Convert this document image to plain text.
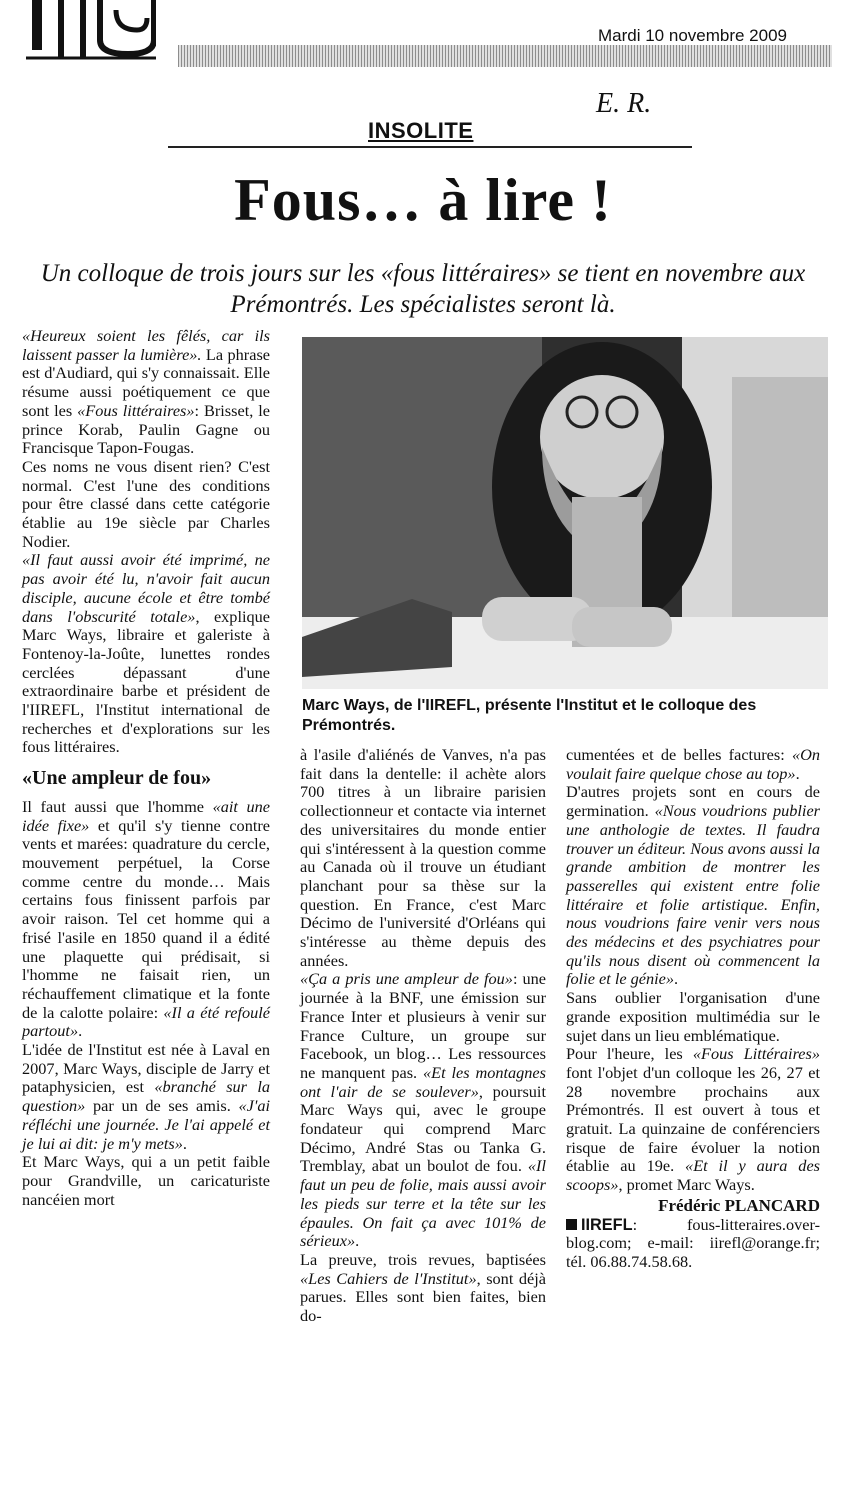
Mardi 10 novembre 2009
E. R.
INSOLITE
Fous… à lire !
Un colloque de trois jours sur les «fous littéraires» se tient en novembre aux Prémontrés. Les spécialistes seront là.
Marc Ways, de l'IIREFL, présente l'Institut et le colloque des Prémontrés.

«Heureux soient les fêlés, car ils laissent passer la lumière». La phrase est d'Audiard, qui s'y connaissait. Elle résume aussi poétiquement ce que sont les «Fous littéraires»: Brisset, le prince Korab, Paulin Gagne ou Francisque Tapon-Fougas.

Ces noms ne vous disent rien? C'est normal. C'est l'une des conditions pour être classé dans cette catégorie établie au 19e siècle par Charles Nodier.

«Il faut aussi avoir été imprimé, ne pas avoir été lu, n'avoir fait aucun disciple, aucune école et être tombé dans l'obscurité totale», explique Marc Ways, libraire et galeriste à Fontenoy-la-Joûte, lunettes rondes cerclées dépassant d'une extraordinaire barbe et président de l'IIREFL, l'Institut international de recherches et d'explorations sur les fous littéraires.

«Une ampleur de fou»

Il faut aussi que l'homme «ait une idée fixe» et qu'il s'y tienne contre vents et marées: quadrature du cercle, mouvement perpétuel, la Corse comme centre du monde… Mais certains fous finissent parfois par avoir raison. Tel cet homme qui a frisé l'asile en 1850 quand il a édité une plaquette qui prédisait, si l'homme ne faisait rien, un réchauffement climatique et la fonte de la calotte polaire: «Il a été refoulé partout».

L'idée de l'Institut est née à Laval en 2007, Marc Ways, disciple de Jarry et pataphysicien, est «branché sur la question» par un de ses amis. «J'ai réfléchi une journée. Je l'ai appelé et je lui ai dit: je m'y mets».

Et Marc Ways, qui a un petit faible pour Grandville, un caricaturiste nancéien mort

à l'asile d'aliénés de Vanves, n'a pas fait dans la dentelle: il achète alors 700 titres à un libraire parisien collectionneur et contacte via internet des universitaires du monde entier qui s'intéressent à la question comme au Canada où il trouve un étudiant planchant pour sa thèse sur la question. En France, c'est Marc Décimo de l'université d'Orléans qui s'intéresse au thème depuis des années.

«Ça a pris une ampleur de fou»: une journée à la BNF, une émission sur France Inter et plusieurs à venir sur France Culture, un groupe sur Facebook, un blog… Les ressources ne manquent pas. «Et les montagnes ont l'air de se soulever», poursuit Marc Ways qui, avec le groupe fondateur qui comprend Marc Décimo, André Stas ou Tanka G. Tremblay, abat un boulot de fou. «Il faut un peu de folie, mais aussi avoir les pieds sur terre et la tête sur les épaules. On fait ça avec 101% de sérieux».

La preuve, trois revues, baptisées «Les Cahiers de l'Institut», sont déjà parues. Elles sont bien faites, bien do-

cumentées et de belles factures: «On voulait faire quelque chose au top».

D'autres projets sont en cours de germination. «Nous voudrions publier une anthologie de textes. Il faudra trouver un éditeur. Nous avons aussi la grande ambition de montrer les passerelles qui existent entre folie littéraire et folie artistique. Enfin, nous voudrions faire venir vers nous des médecins et des psychiatres pour qu'ils nous disent où commencent la folie et le génie».

Sans oublier l'organisation d'une grande exposition multimédia sur le sujet dans un lieu emblématique.

Pour l'heure, les «Fous Littéraires» font l'objet d'un colloque les 26, 27 et 28 novembre prochains aux Prémontrés. Il est ouvert à tous et gratuit. La quinzaine de conférenciers risque de faire évoluer la notion établie au 19e. «Et il y aura des scoops», promet Marc Ways.

Frédéric PLANCARD

IIREFL: fous-litteraires.over-blog.com; e-mail: iirefl@orange.fr; tél. 06.88.74.58.68.
